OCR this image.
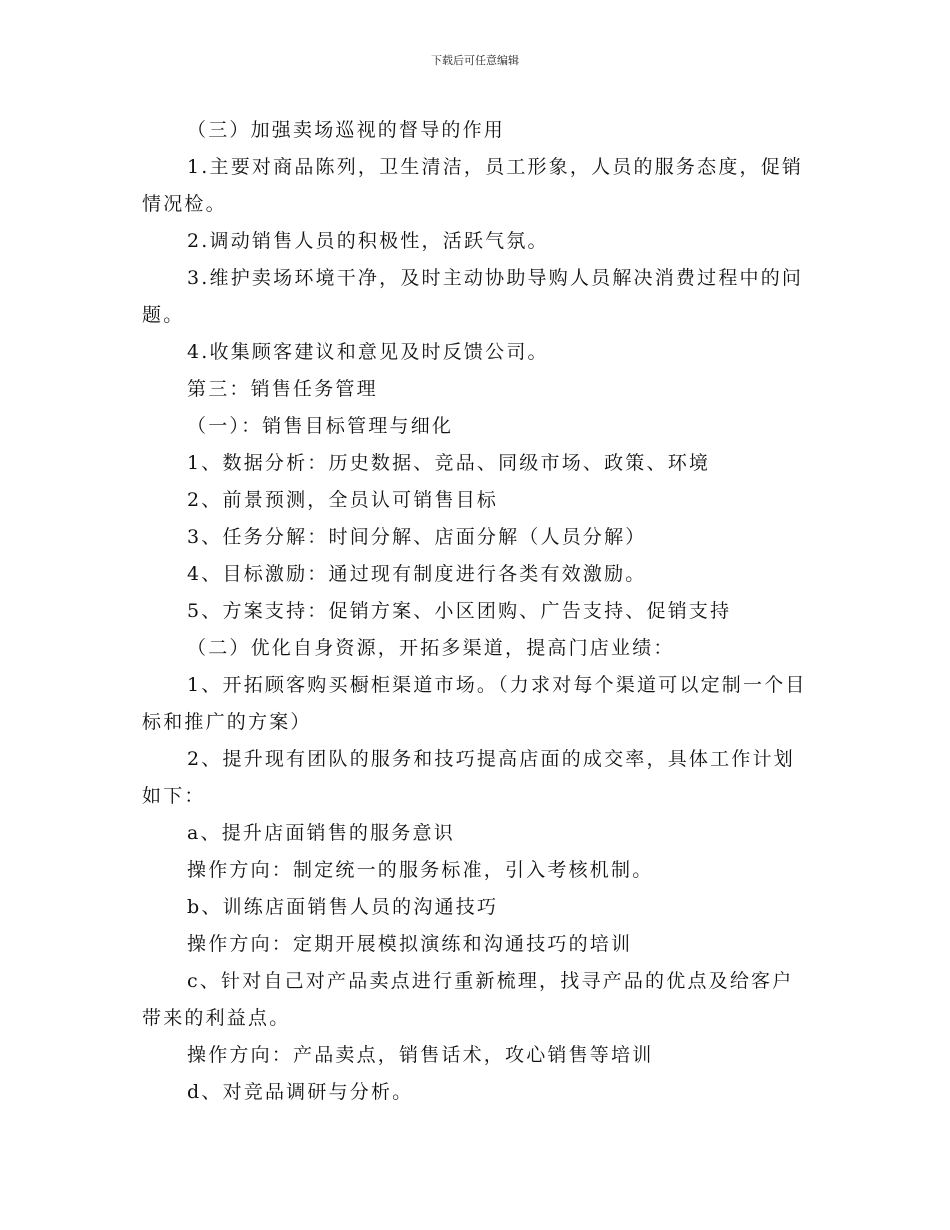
下载后可任意编辑

（三）加强卖场巡视的督导的作用

1.主要对商品陈列，卫生清洁，员工形象，人员的服务态度，促销情况检。

2.调动销售人员的积极性，活跃气氛。

3.维护卖场环境干净，及时主动协助导购人员解决消费过程中的问题。

4.收集顾客建议和意见及时反馈公司。

第三：销售任务管理

（一）：销售目标管理与细化

1、数据分析：历史数据、竞品、同级市场、政策、环境

2、前景预测，全员认可销售目标

3、任务分解：时间分解、店面分解（人员分解）

4、目标激励：通过现有制度进行各类有效激励。

5、方案支持：促销方案、小区团购、广告支持、促销支持

（二）优化自身资源，开拓多渠道，提高门店业绩：

1、开拓顾客购买橱柜渠道市场。（力求对每个渠道可以定制一个目标和推广的方案）

2、提升现有团队的服务和技巧提高店面的成交率，具体工作计划如下：

a、提升店面销售的服务意识

操作方向：制定统一的服务标准，引入考核机制。

b、训练店面销售人员的沟通技巧

操作方向：定期开展模拟演练和沟通技巧的培训

c、针对自己对产品卖点进行重新梳理，找寻产品的优点及给客户带来的利益点。

操作方向：产品卖点，销售话术，攻心销售等培训

d、对竞品调研与分析。
